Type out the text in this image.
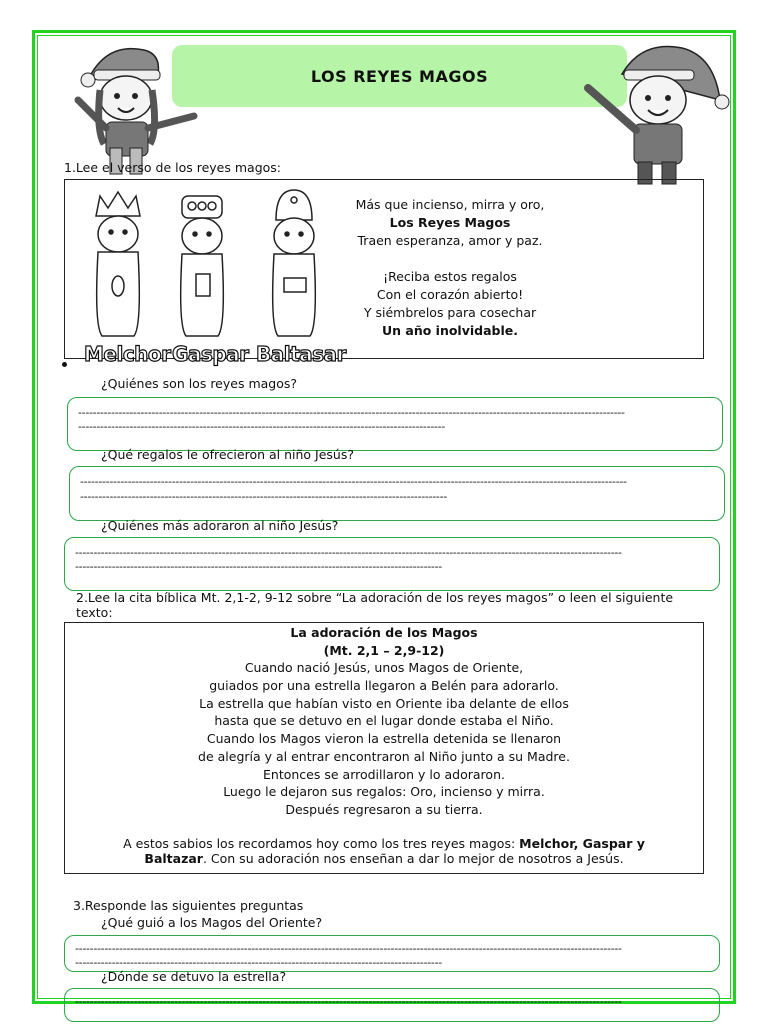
LOS REYES MAGOS
1.Lee el verso de los reyes magos:
Melchor Gaspar Baltasar
Más que incienso, mirra y oro,
Los Reyes Magos
Traen esperanza, amor y paz.
¡Reciba estos regalos
Con el corazón abierto!
Y siémbrelos para cosechar
Un año inolvidable.
¿Quiénes son los reyes magos?
-----------------------------------------------------------------------------------------------------------------------------------------------------
----------------------------------------------------------------------------------------------------
¿Qué regalos le ofrecieron al niño Jesús?
-----------------------------------------------------------------------------------------------------------------------------------------------------
----------------------------------------------------------------------------------------------------
¿Quiénes más adoraron al niño Jesús?
-----------------------------------------------------------------------------------------------------------------------------------------------------
----------------------------------------------------------------------------------------------------
2.Lee la cita bíblica Mt. 2,1-2, 9-12 sobre “La adoración de los reyes magos” o leen el siguiente texto:
La adoración de los Magos
(Mt. 2,1 – 2,9-12)
Cuando nació Jesús, unos Magos de Oriente,
guiados por una estrella llegaron a Belén para adorarlo.
La estrella que habían visto en Oriente iba delante de ellos
hasta que se detuvo en el lugar donde estaba el Niño.
Cuando los Magos vieron la estrella detenida se llenaron
de alegría y al entrar encontraron al Niño junto a su Madre.
Entonces se arrodillaron y lo adoraron.
Luego le dejaron sus regalos: Oro, incienso y mirra.
Después regresaron a su tierra.
A estos sabios los recordamos hoy como los tres reyes magos: Melchor, Gaspar y Baltazar. Con su adoración nos enseñan a dar lo mejor de nosotros a Jesús.
3.Responde las siguientes preguntas
¿Qué guió a los Magos del Oriente?
-----------------------------------------------------------------------------------------------------------------------------------------------------
----------------------------------------------------------------------------------------------------
¿Dónde se detuvo la estrella?
-----------------------------------------------------------------------------------------------------------------------------------------------------
